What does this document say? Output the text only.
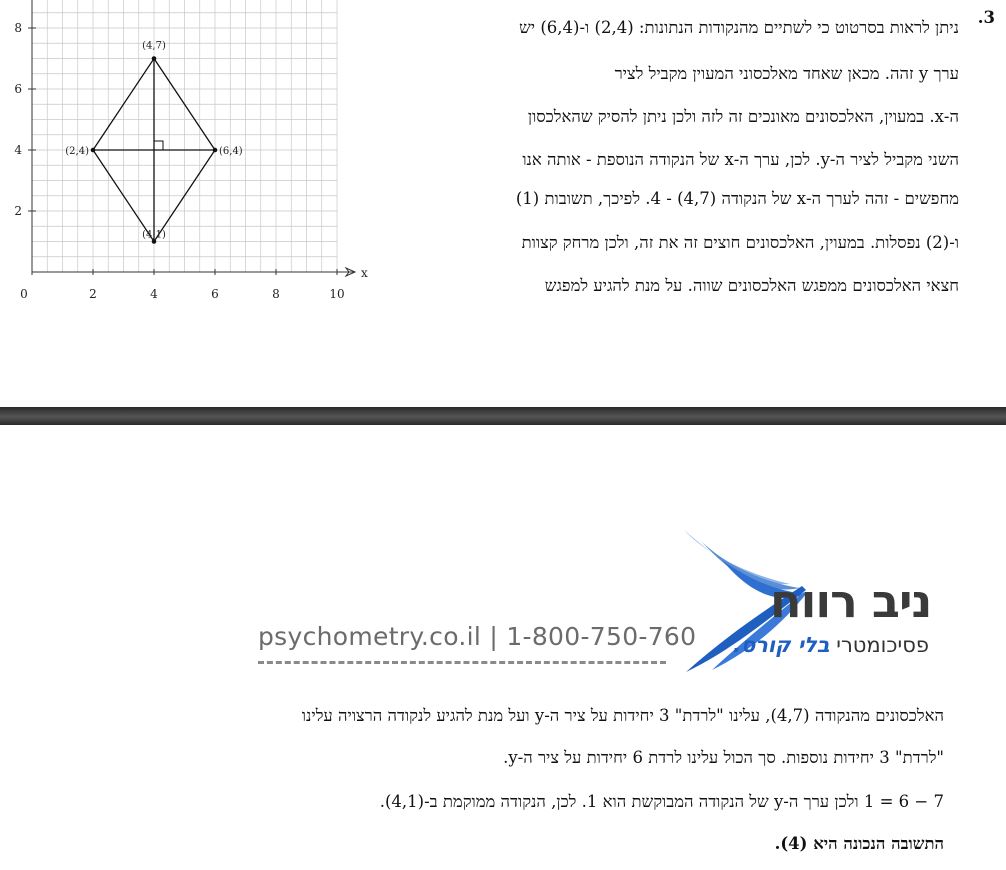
3.
ניתן לראות בסרטוט כי לשתיים מהנקודות הנתונות: (2,4) ו-(6,4) יש
ערך y זהה. מכאן שאחד מאלכסוני המעוין מקביל לציר
ה-x. במעוין, האלכסונים מאונכים זה לזה ולכן ניתן להסיק שהאלכסון
השני מקביל לציר ה-y. לכן, ערך ה-x של הנקודה הנוספת - אותה אנו
מחפשים - זהה לערך ה-x של הנקודה (4,7) - 4. לפיכך, תשובות (1)
ו-(2) נפסלות. במעוין, האלכסונים חוצים זה את זה, ולכן מרחק קצוות
חצאי האלכסונים ממפגש האלכסונים שווה. על מנת להגיע למפגש
x
0	2	4	6	8	10
2
4
6
8
(4,7)
(2,4)	(6,4)
(4,1)
psychometry.co.il | 1-800-750-760
ניב רווח
פסיכומטרי בלי קורס.
האלכסונים מהנקודה (4,7), עלינו "לרדת" 3 יחידות על ציר ה-y ועל מנת להגיע לנקודה הרצויה עלינו
"לרדת" 3 יחידות נוספות. סך הכול עלינו לרדת 6 יחידות על ציר ה-y.
7 − 6 = 1 ולכן ערך ה-y של הנקודה המבוקשת הוא 1. לכן, הנקודה ממוקמת ב-(4,1).
התשובה הנכונה היא (4).
